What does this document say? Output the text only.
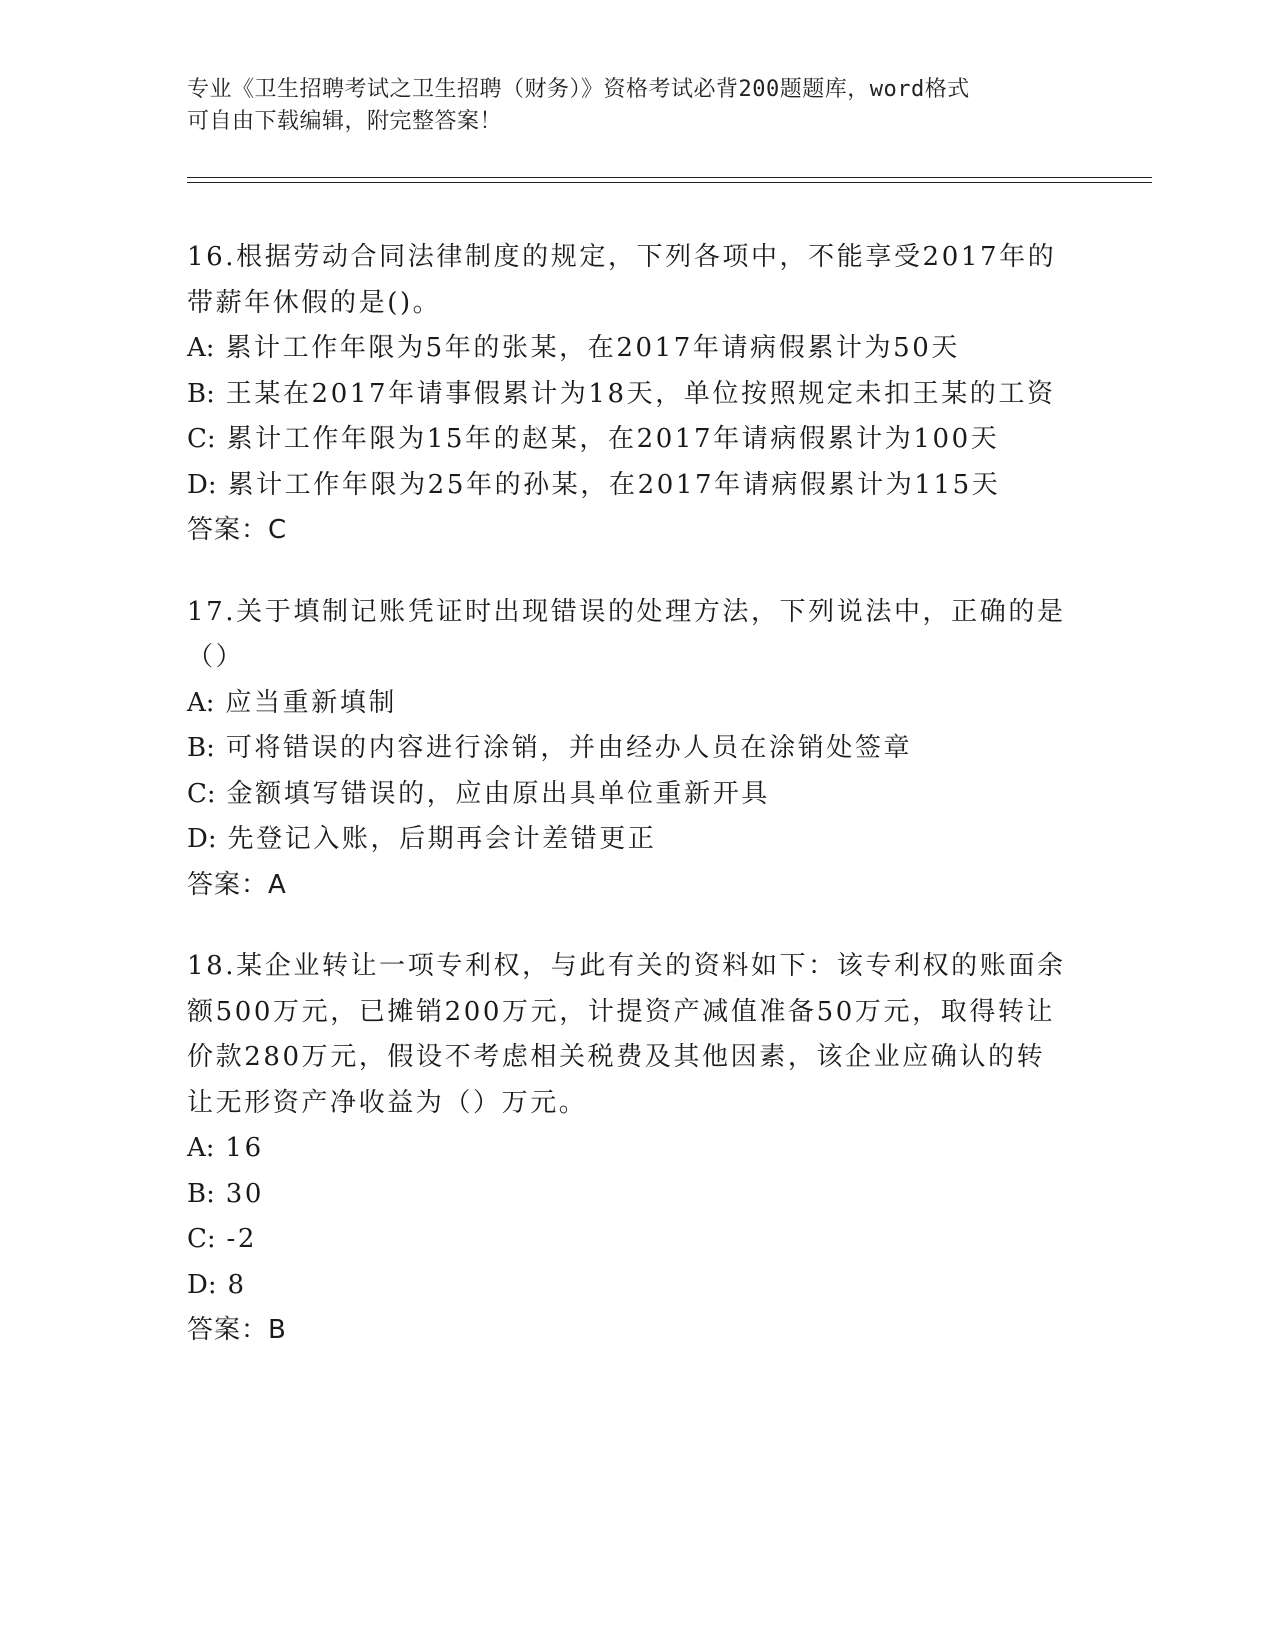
专业《卫生招聘考试之卫生招聘（财务）》资格考试必背200题题库，word格式

可自由下载编辑，附完整答案！

16.根据劳动合同法律制度的规定，下列各项中，不能享受2017年的

带薪年休假的是()。

A: 累计工作年限为5年的张某，在2017年请病假累计为50天

B: 王某在2017年请事假累计为18天，单位按照规定未扣王某的工资

C: 累计工作年限为15年的赵某，在2017年请病假累计为100天

D: 累计工作年限为25年的孙某，在2017年请病假累计为115天

答案：C

17.关于填制记账凭证时出现错误的处理方法，下列说法中，正确的是

（）

A: 应当重新填制

B: 可将错误的内容进行涂销，并由经办人员在涂销处签章

C: 金额填写错误的，应由原出具单位重新开具

D: 先登记入账，后期再会计差错更正

答案：A

18.某企业转让一项专利权，与此有关的资料如下：该专利权的账面余

额500万元，已摊销200万元，计提资产减值准备50万元，取得转让

价款280万元，假设不考虑相关税费及其他因素，该企业应确认的转

让无形资产净收益为（）万元。

A: 16

B: 30

C: -2

D: 8

答案：B
